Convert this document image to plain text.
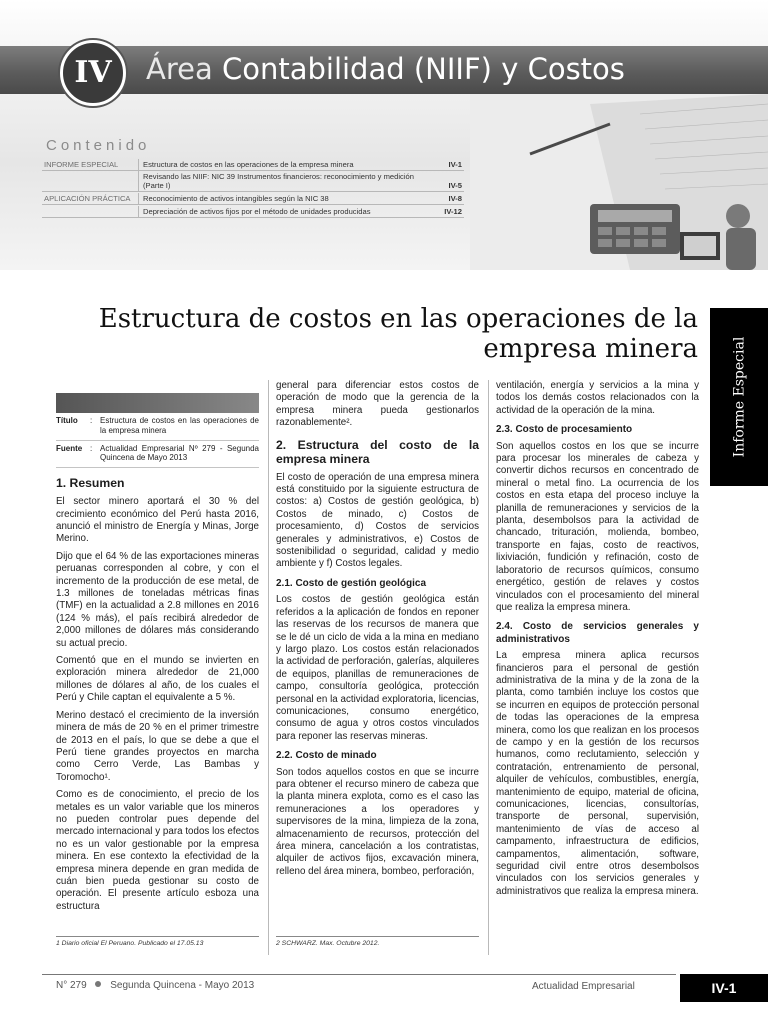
IV	Área Contabilidad (NIIF) y Costos
Contenido
INFORME ESPECIAL	Estructura de costos en las operaciones de la empresa minera	IV-1
Revisando las NIIF: NIC 39 Instrumentos financieros: reconocimiento y medición (Parte I)	IV-5
APLICACIÓN PRÁCTICA	Reconocimiento de activos intangibles según la NIC 38	IV-8
Depreciación de activos fijos por el método de unidades producidas	IV-12
Informe Especial
Estructura de costos en las operaciones de la empresa minera
Título	: Estructura de costos en las operaciones de la empresa minera
Fuente : Actualidad Empresarial Nº 279 - Segunda Quincena de Mayo 2013
1. Resumen

El sector minero aportará el 30 % del crecimiento económico del Perú hasta 2016, anunció el ministro de Energía y Minas, Jorge Merino.

Dijo que el 64 % de las exportaciones mineras peruanas corresponden al cobre, y con el incremento de la producción de ese metal, de 1.3 millones de toneladas métricas finas (TMF) en la actualidad a 2.8 millones en 2016 (124 % más), el país recibirá alrededor de 2,000 millones de dólares más considerando su actual precio.

Comentó que en el mundo se invierten en exploración minera alrededor de 21,000 millones de dólares al año, de los cuales el Perú y Chile captan el equivalente a 5 %.

Merino destacó el crecimiento de la inversión minera de más de 20 % en el primer trimestre de 2013 en el país, lo que se debe a que el Perú tiene grandes proyectos en marcha como Cerro Verde, Las Bambas y Toromocho¹.

Como es de conocimiento, el precio de los metales es un valor variable que los mineros no pueden controlar pues depende del mercado internacional y para todos los efectos no es un valor gestionable por la empresa minera. En ese contexto la efectividad de la empresa minera depende en gran medida de cuán bien pueda gestionar su costo de operación. El presente artículo esboza una estructura

general para diferenciar estos costos de operación de modo que la gerencia de la empresa minera pueda gestionarlos razonablemente².

2. Estructura del costo de la empresa minera

El costo de operación de una empresa minera está constituido por la siguiente estructura de costos: a) Costos de gestión geológica, b) Costos de minado, c) Costos de procesamiento, d) Costos de servicios generales y administrativos, e) Costos de sostenibilidad o seguridad, calidad y medio ambiente y f) Costos legales.

2.1. Costo de gestión geológica

Los costos de gestión geológica están referidos a la aplicación de fondos en reponer las reservas de los recursos de manera que se le dé un ciclo de vida a la mina en mediano y largo plazo. Los costos están relacionados la actividad de perforación, galerías, alquileres de equipos, planillas de remuneraciones de campo, consultoría geológica, protección personal en la actividad exploratoria, licencias, comunicaciones, consumo energético, consumo de agua y otros costos vinculados para reponer las reservas mineras.

2.2. Costo de minado

Son todos aquellos costos en que se incurre para obtener el recurso minero de cabeza que la planta minera explota, como es el caso las remuneraciones a los operadores y supervisores de la mina, limpieza de la zona, almacenamiento de recursos, protección del área minera, cancelación a los contratistas, alquiler de activos fijos, excavación minera, relleno del área minera, bombeo, perforación,

ventilación, energía y servicios a la mina y todos los demás costos relacionados con la actividad de la operación de la mina.

2.3. Costo de procesamiento

Son aquellos costos en los que se incurre para procesar los minerales de cabeza y convertir dichos recursos en concentrado de mineral o metal fino. La ocurrencia de los costos en esta etapa del proceso incluye la planilla de remuneraciones y servicios de la planta, desembolsos para la actividad de chancado, trituración, molienda, bombeo, transporte en fajas, costo de reactivos, lixiviación, fundición y refinación, costo de laboratorio de recursos químicos, consumo energético, gestión de relaves y costos vinculados con el procesamiento del mineral que realiza la empresa minera.

2.4. Costo de servicios generales y administrativos

La empresa minera aplica recursos financieros para el personal de gestión administrativa de la mina y de la zona de la planta, como también incluye los costos que se incurren en equipos de protección personal de todas las operaciones de la empresa minera, como los que realizan en los procesos de campo y en la gestión de los recursos humanos, como reclutamiento, selección y contratación, entrenamiento de personal, alquiler de vehículos, combustibles, energía, mantenimiento de equipo, material de oficina, comunicaciones, licencias, consultorías, transporte de personal, supervisión, mantenimiento de vías de acceso al campamento, infraestructura de edificios, campamentos, alimentación, software, seguridad civil entre otros desembolsos vinculados con los servicios generales y administrativos que realiza la empresa minera.

1 Diario oficial El Peruano. Publicado el 17.05.13	2 SCHWARZ. Max. Octubre 2012.
N° 279 Segunda Quincena - Mayo 2013	Actualidad Empresarial	IV-1
